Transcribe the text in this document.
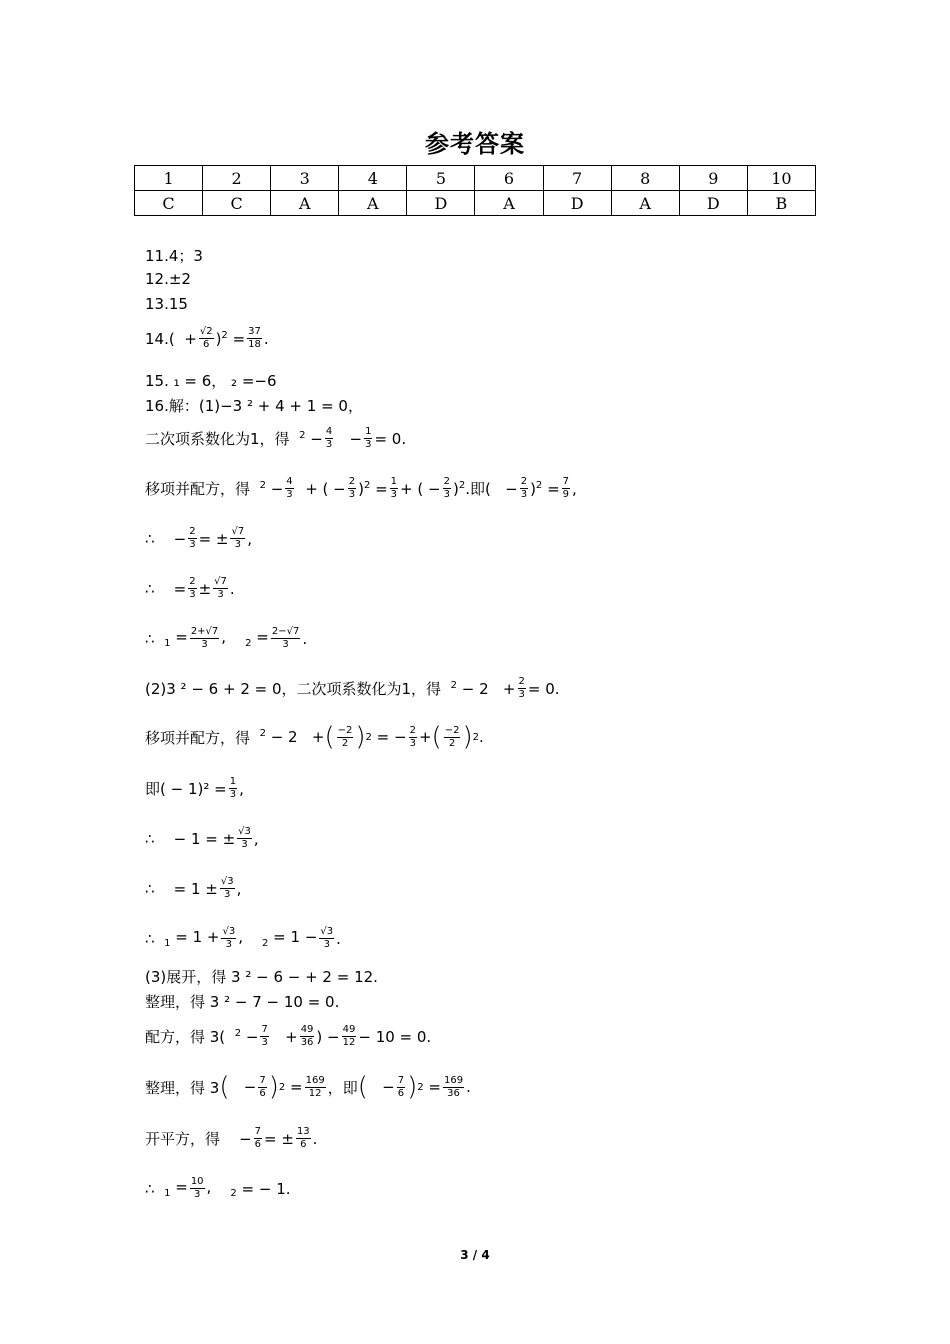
参考答案
1	2	3	4	5	6	7	8	9	10
C	C	A	A	D	A	D	A	D	B
11.4；3
12.±2
13.15
$14.( + \frac{√2}{6} )^2 = \frac{37}{18}$ .
15. ₁ = 6， ₂ =−6
16.解：(1)−3 ² + 4 + 1 = 0，
二次项系数化为1，得 $^2 - \frac{4}{3} - \frac{1}{3} = 0$.
移项并配方，得 $^2 - \frac{4}{3}$ + ( − $\frac{2}{3} )^2 = \frac{1}{3}$ + ( − $\frac{2}{3} )^2$.即(   − $\frac{2}{3} )^2 = \frac{7}{9}$ ,
∴ − $\frac{2}{3}$ = ± $\frac{√7}{3}$ ,
∴ = $\frac{2}{3} \pm \frac{√7}{3}$ .
∴ $_1 = \frac{2+√7}{3}$ ,    $_2 = \frac{2-√7}{3}$ .
(2)3 ² − 6 + 2 = 0，二次项系数化为1，得 $^2 - 2 + \frac{2}{3} = 0$.
移项并配方，得 $^2$ − 2   + ( $\frac{-2}{2}$ ) 2 = − $\frac{2}{3}$ + ( $\frac{-2}{2}$ ) 2 .
即( − $1)^2 = \frac{1}{3}$ ,
∴ − 1 = ± $\frac{√3}{3}$ ,
∴ = $1 \pm \frac{√3}{3}$ ,
∴ $_1 = 1 + \frac{√3}{3}$ ,    $_2 = 1 - \frac{√3}{3}$ .
(3)展开，得 3 ² − 6 − + 2 = 12.
整理，得 3 ² − 7 − 10 = 0.
配方，得 3( $^2 - \frac{7}{3} + \frac{49}{36}$ ) − $\frac{49}{12} - 10 = 0$.
整理，得 3 ( − $\frac{7}{6}$ ) $2 = \frac{169}{12}$ ，即 ( − $\frac{7}{6}$ ) $2 = \frac{169}{36}$ .
开平方，得 − $\frac{7}{6}$ = ± $\frac{13}{6}$ .
∴ $_1 = \frac{10}{3}$ ,    $_2$ = − 1.
3 / 4
